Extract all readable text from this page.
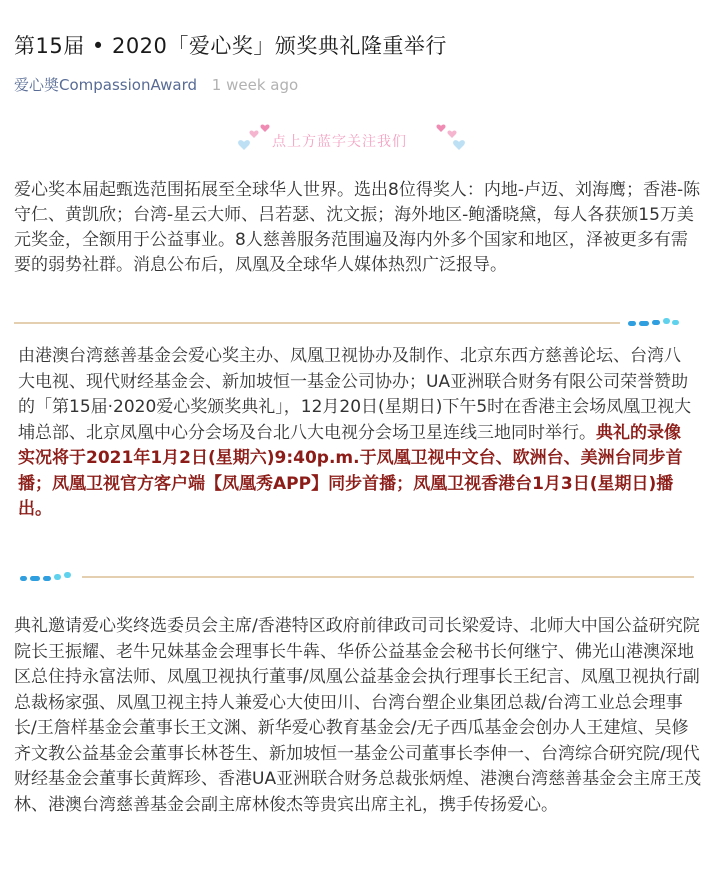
第15届 • 2020「爱心奖」颁奖典礼隆重举行
爱心奬CompassionAward 1 week ago
点上方蓝字关注我们
爱心奖本届起甄选范围拓展至全球华人世界。选出8位得奖人：内地-卢迈、刘海鹰；香港-陈守仁、黄凯欣；台湾-星云大师、吕若瑟、沈文振；海外地区-鲍潘晓黛，每人各获颁15万美元奖金，全额用于公益事业。8人慈善服务范围遍及海内外多个国家和地区，泽被更多有需要的弱势社群。消息公布后，凤凰及全球华人媒体热烈广泛报导。
由港澳台湾慈善基金会爱心奖主办、凤凰卫视协办及制作、北京东西方慈善论坛、台湾八大电视、现代财经基金会、新加坡恒一基金公司协办；UA亚洲联合财务有限公司荣誉赞助的「第15届·2020爱心奖颁奖典礼」，12月20日(星期日)下午5时在香港主会场凤凰卫视大埔总部、北京凤凰中心分会场及台北八大电视分会场卫星连线三地同时举行。典礼的录像实况将于2021年1月2日(星期六)9:40p.m.于凤凰卫视中文台、欧洲台、美洲台同步首播；凤凰卫视官方客户端【凤凰秀APP】同步首播；凤凰卫视香港台1月3日(星期日)播出。
典礼邀请爱心奖终选委员会主席/香港特区政府前律政司司长梁爱诗、北师大中国公益研究院院长王振耀、老牛兄妹基金会理事长牛犇、华侨公益基金会秘书长何继宁、佛光山港澳深地区总住持永富法师、凤凰卫视执行董事/凤凰公益基金会执行理事长王纪言、凤凰卫视执行副总裁杨家强、凤凰卫视主持人兼爱心大使田川、台湾台塑企业集团总裁/台湾工业总会理事长/王詹样基金会董事长王文渊、新华爱心教育基金会/无子西瓜基金会创办人王建煊、吴修齐文教公益基金会董事长林苍生、新加坡恒一基金公司董事长李伸一、台湾综合研究院/现代财经基金会董事长黄辉珍、香港UA亚洲联合财务总裁张炳煌、港澳台湾慈善基金会主席王茂林、港澳台湾慈善基金会副主席林俊杰等贵宾出席主礼，携手传扬爱心。
